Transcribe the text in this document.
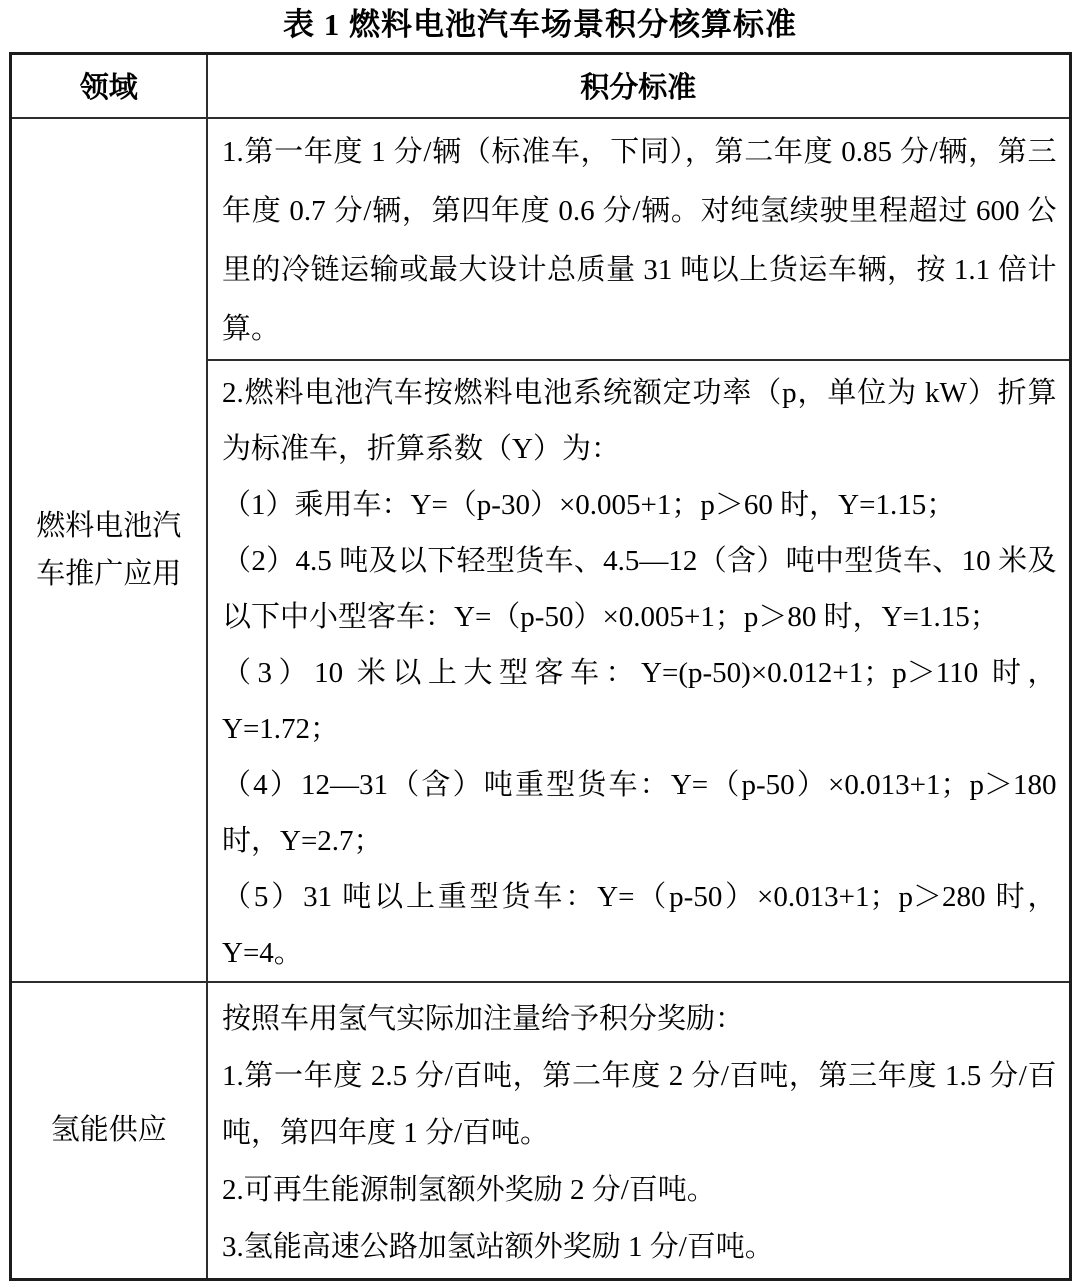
表 1 燃料电池汽车场景积分核算标准
领域	积分标准
燃料电池汽车推广应用	1.第一年度 1 分/辆（标准车，下同），第二年度 0.85 分/辆，第三年度 0.7 分/辆，第四年度 0.6 分/辆。对纯氢续驶里程超过 600 公里的冷链运输或最大设计总质量 31 吨以上货运车辆，按 1.1 倍计算。

2.燃料电池汽车按燃料电池系统额定功率（p，单位为 kW）折算为标准车，折算系数（Y）为：

（1）乘用车：Y=（p-30）×0.005+1；p＞60 时，Y=1.15；

（2）4.5 吨及以下轻型货车、4.5—12（含）吨中型货车、10 米及以下中小型客车：Y=（p-50）×0.005+1；p＞80 时，Y=1.15；

（3）10 米以上大型客车：Y=(p-50)×0.012+1；p＞110 时，Y=1.72；

（4）12—31（含）吨重型货车：Y=（p-50）×0.013+1；p＞180 时，Y=2.7；

（5）31 吨以上重型货车：Y=（p-50）×0.013+1；p＞280 时，Y=4。

氢能供应	按照车用氢气实际加注量给予积分奖励：

1.第一年度 2.5 分/百吨，第二年度 2 分/百吨，第三年度 1.5 分/百吨，第四年度 1 分/百吨。

2.可再生能源制氢额外奖励 2 分/百吨。

3.氢能高速公路加氢站额外奖励 1 分/百吨。
